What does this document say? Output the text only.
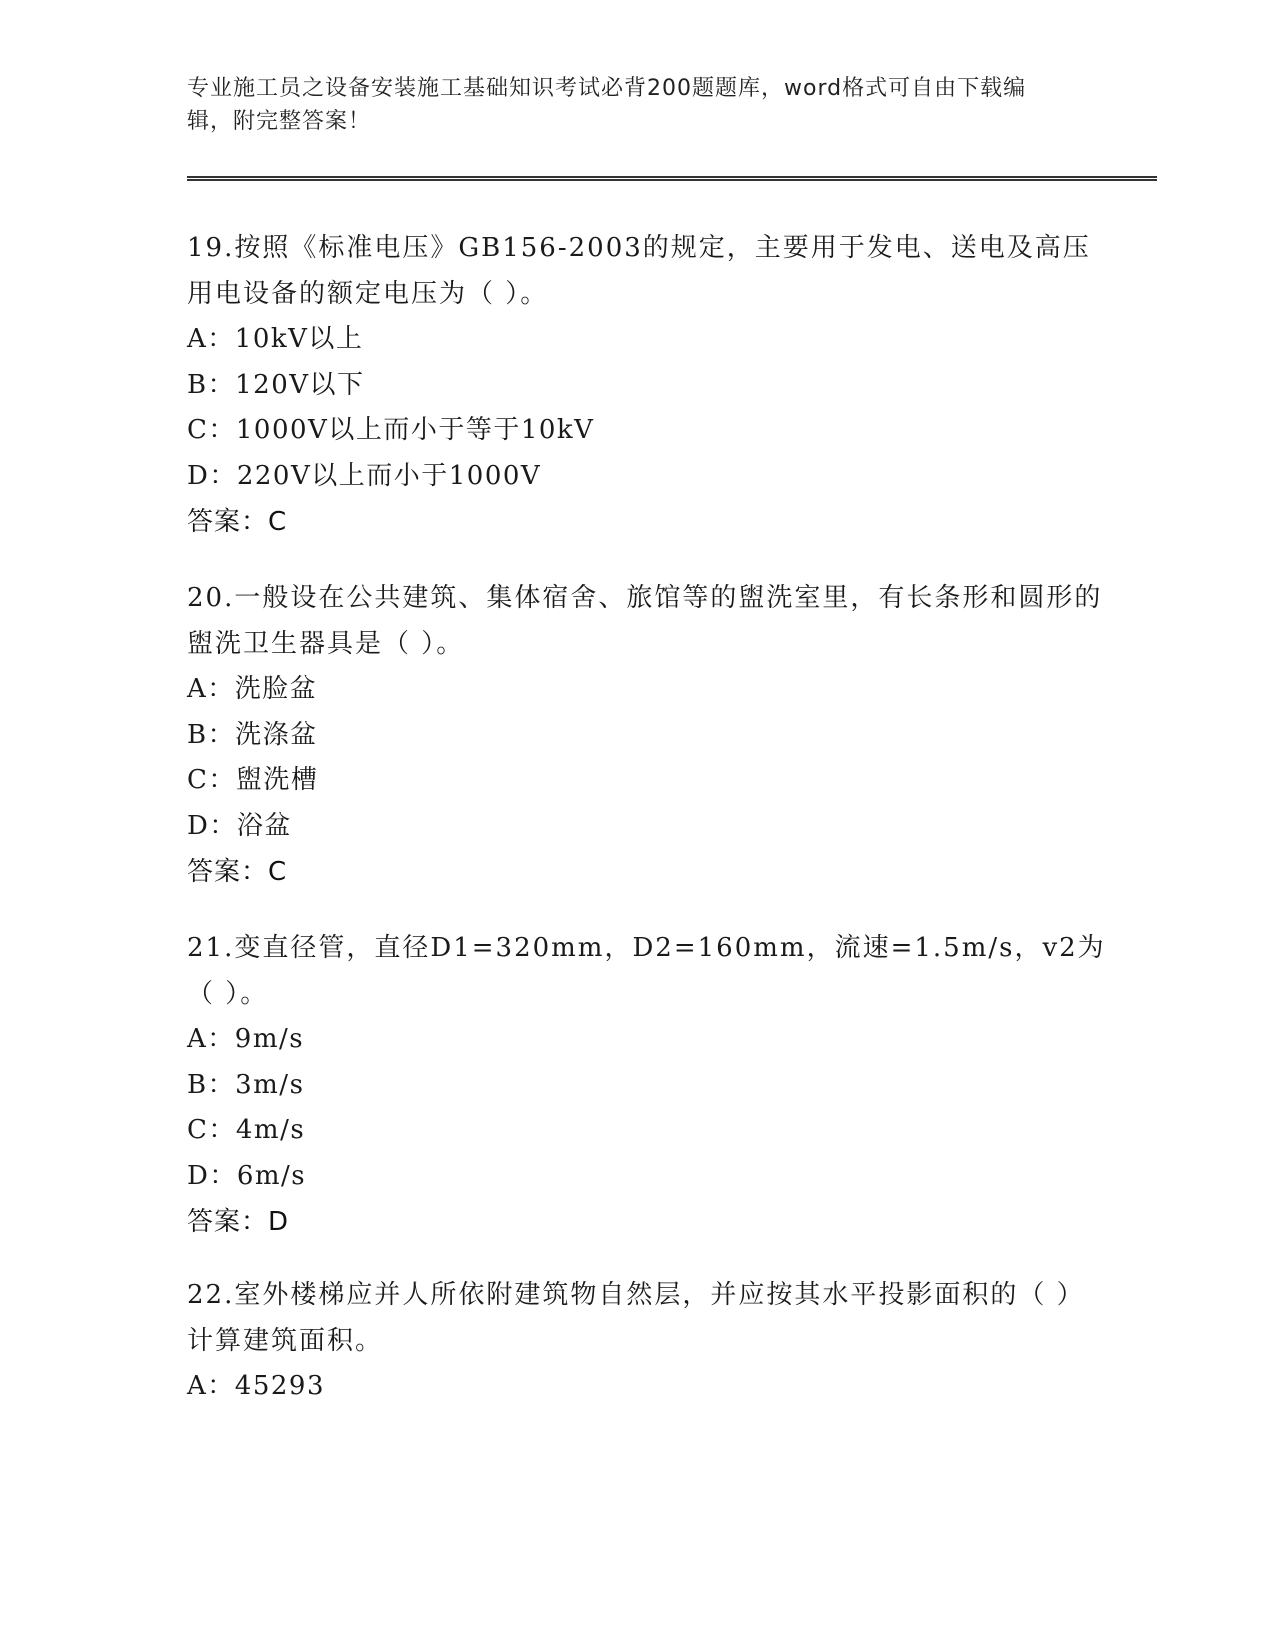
专业施工员之设备安装施工基础知识考试必背200题题库，word格式可自由下载编辑，附完整答案！

19.按照《标准电压》GB156-2003的规定，主要用于发电、送电及高压用电设备的额定电压为（ ）。

A：10kV以上

B：120V以下

C：1000V以上而小于等于10kV

D：220V以上而小于1000V

答案：C

20.一般设在公共建筑、集体宿舍、旅馆等的盥洗室里，有长条形和圆形的盥洗卫生器具是（ ）。

A：洗脸盆

B：洗涤盆

C：盥洗槽

D：浴盆

答案：C

21.变直径管，直径D1=320mm，D2=160mm，流速=1.5m/s，v2为（ ）。

A：9m/s

B：3m/s

C：4m/s

D：6m/s

答案：D

22.室外楼梯应并人所依附建筑物自然层，并应按其水平投影面积的（ ）计算建筑面积。

A：45293
